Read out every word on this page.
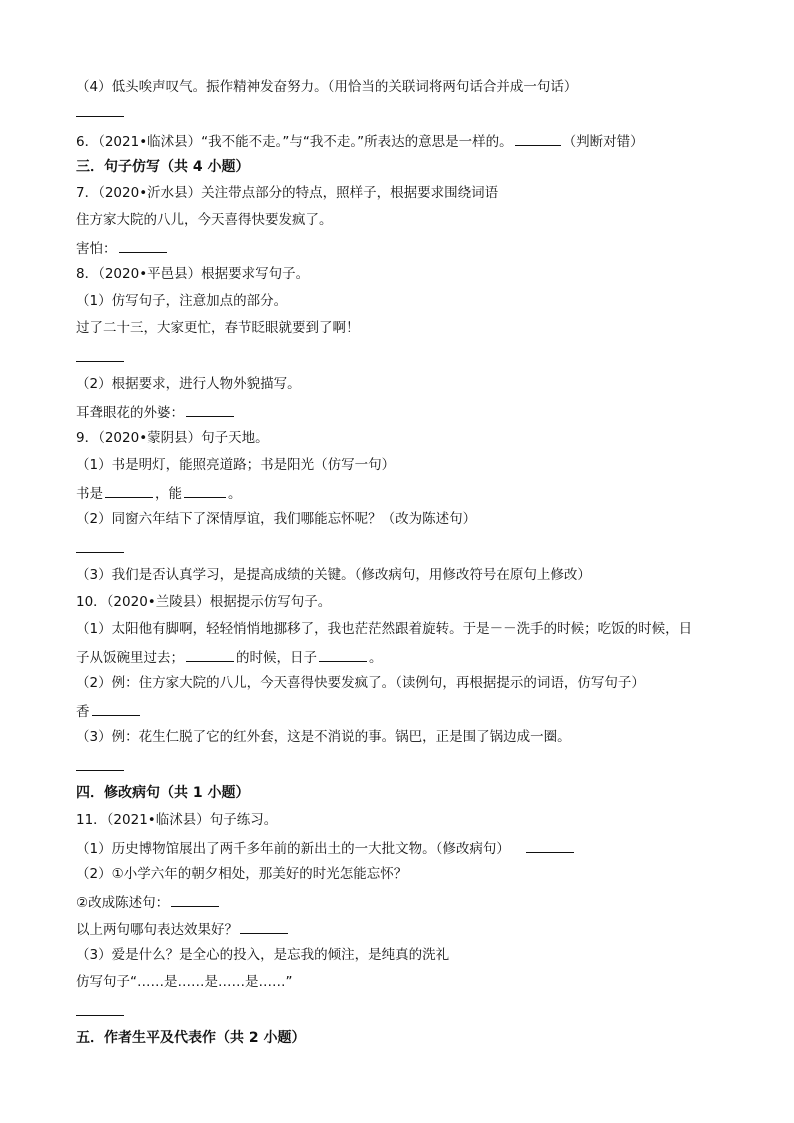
（4）低头唉声叹气。振作精神发奋努力。（用恰当的关联词将两句话合并成一句话）
6．（2021•临沭县）“我不能不走。”与“我不走。”所表达的意思是一样的。	（判断对错）
三．句子仿写（共 4 小题）
7．（2020•沂水县）关注带点部分的特点，照样子，根据要求围绕词语
住方家大院的八儿，今天喜得快要发疯了。
害怕：
8．（2020•平邑县）根据要求写句子。
（1）仿写句子，注意加点的部分。
过了二十三，大家更忙，春节眨眼就要到了啊！
（2）根据要求，进行人物外貌描写。
耳聋眼花的外婆：
9．（2020•蒙阴县）句子天地。
（1）书是明灯，能照亮道路；书是阳光（仿写一句）
书是	，能	。
（2）同窗六年结下了深情厚谊，我们哪能忘怀呢？（改为陈述句）
（3）我们是否认真学习，是提高成绩的关键。（修改病句，用修改符号在原句上修改）
10．（2020•兰陵县）根据提示仿写句子。
（1）太阳他有脚啊，轻轻悄悄地挪移了，我也茫茫然跟着旋转。于是－－洗手的时候；吃饭的时候，日
子从饭碗里过去；	的时候，日子	。
（2）例：住方家大院的八儿，今天喜得快要发疯了。（读例句，再根据提示的词语，仿写句子）
香
（3）例：花生仁脱了它的红外套，这是不消说的事。锅巴，正是围了锅边成一圈。
四．修改病句（共 1 小题）
11．（2021•临沭县）句子练习。
（1）历史博物馆展出了两千多年前的新出土的一大批文物。（修改病句）
（2）①小学六年的朝夕相处，那美好的时光怎能忘怀？
②改成陈述句：
以上两句哪句表达效果好？
（3）爱是什么？是全心的投入，是忘我的倾注，是纯真的洗礼
仿写句子“……是……是……是……”
五．作者生平及代表作（共 2 小题）
